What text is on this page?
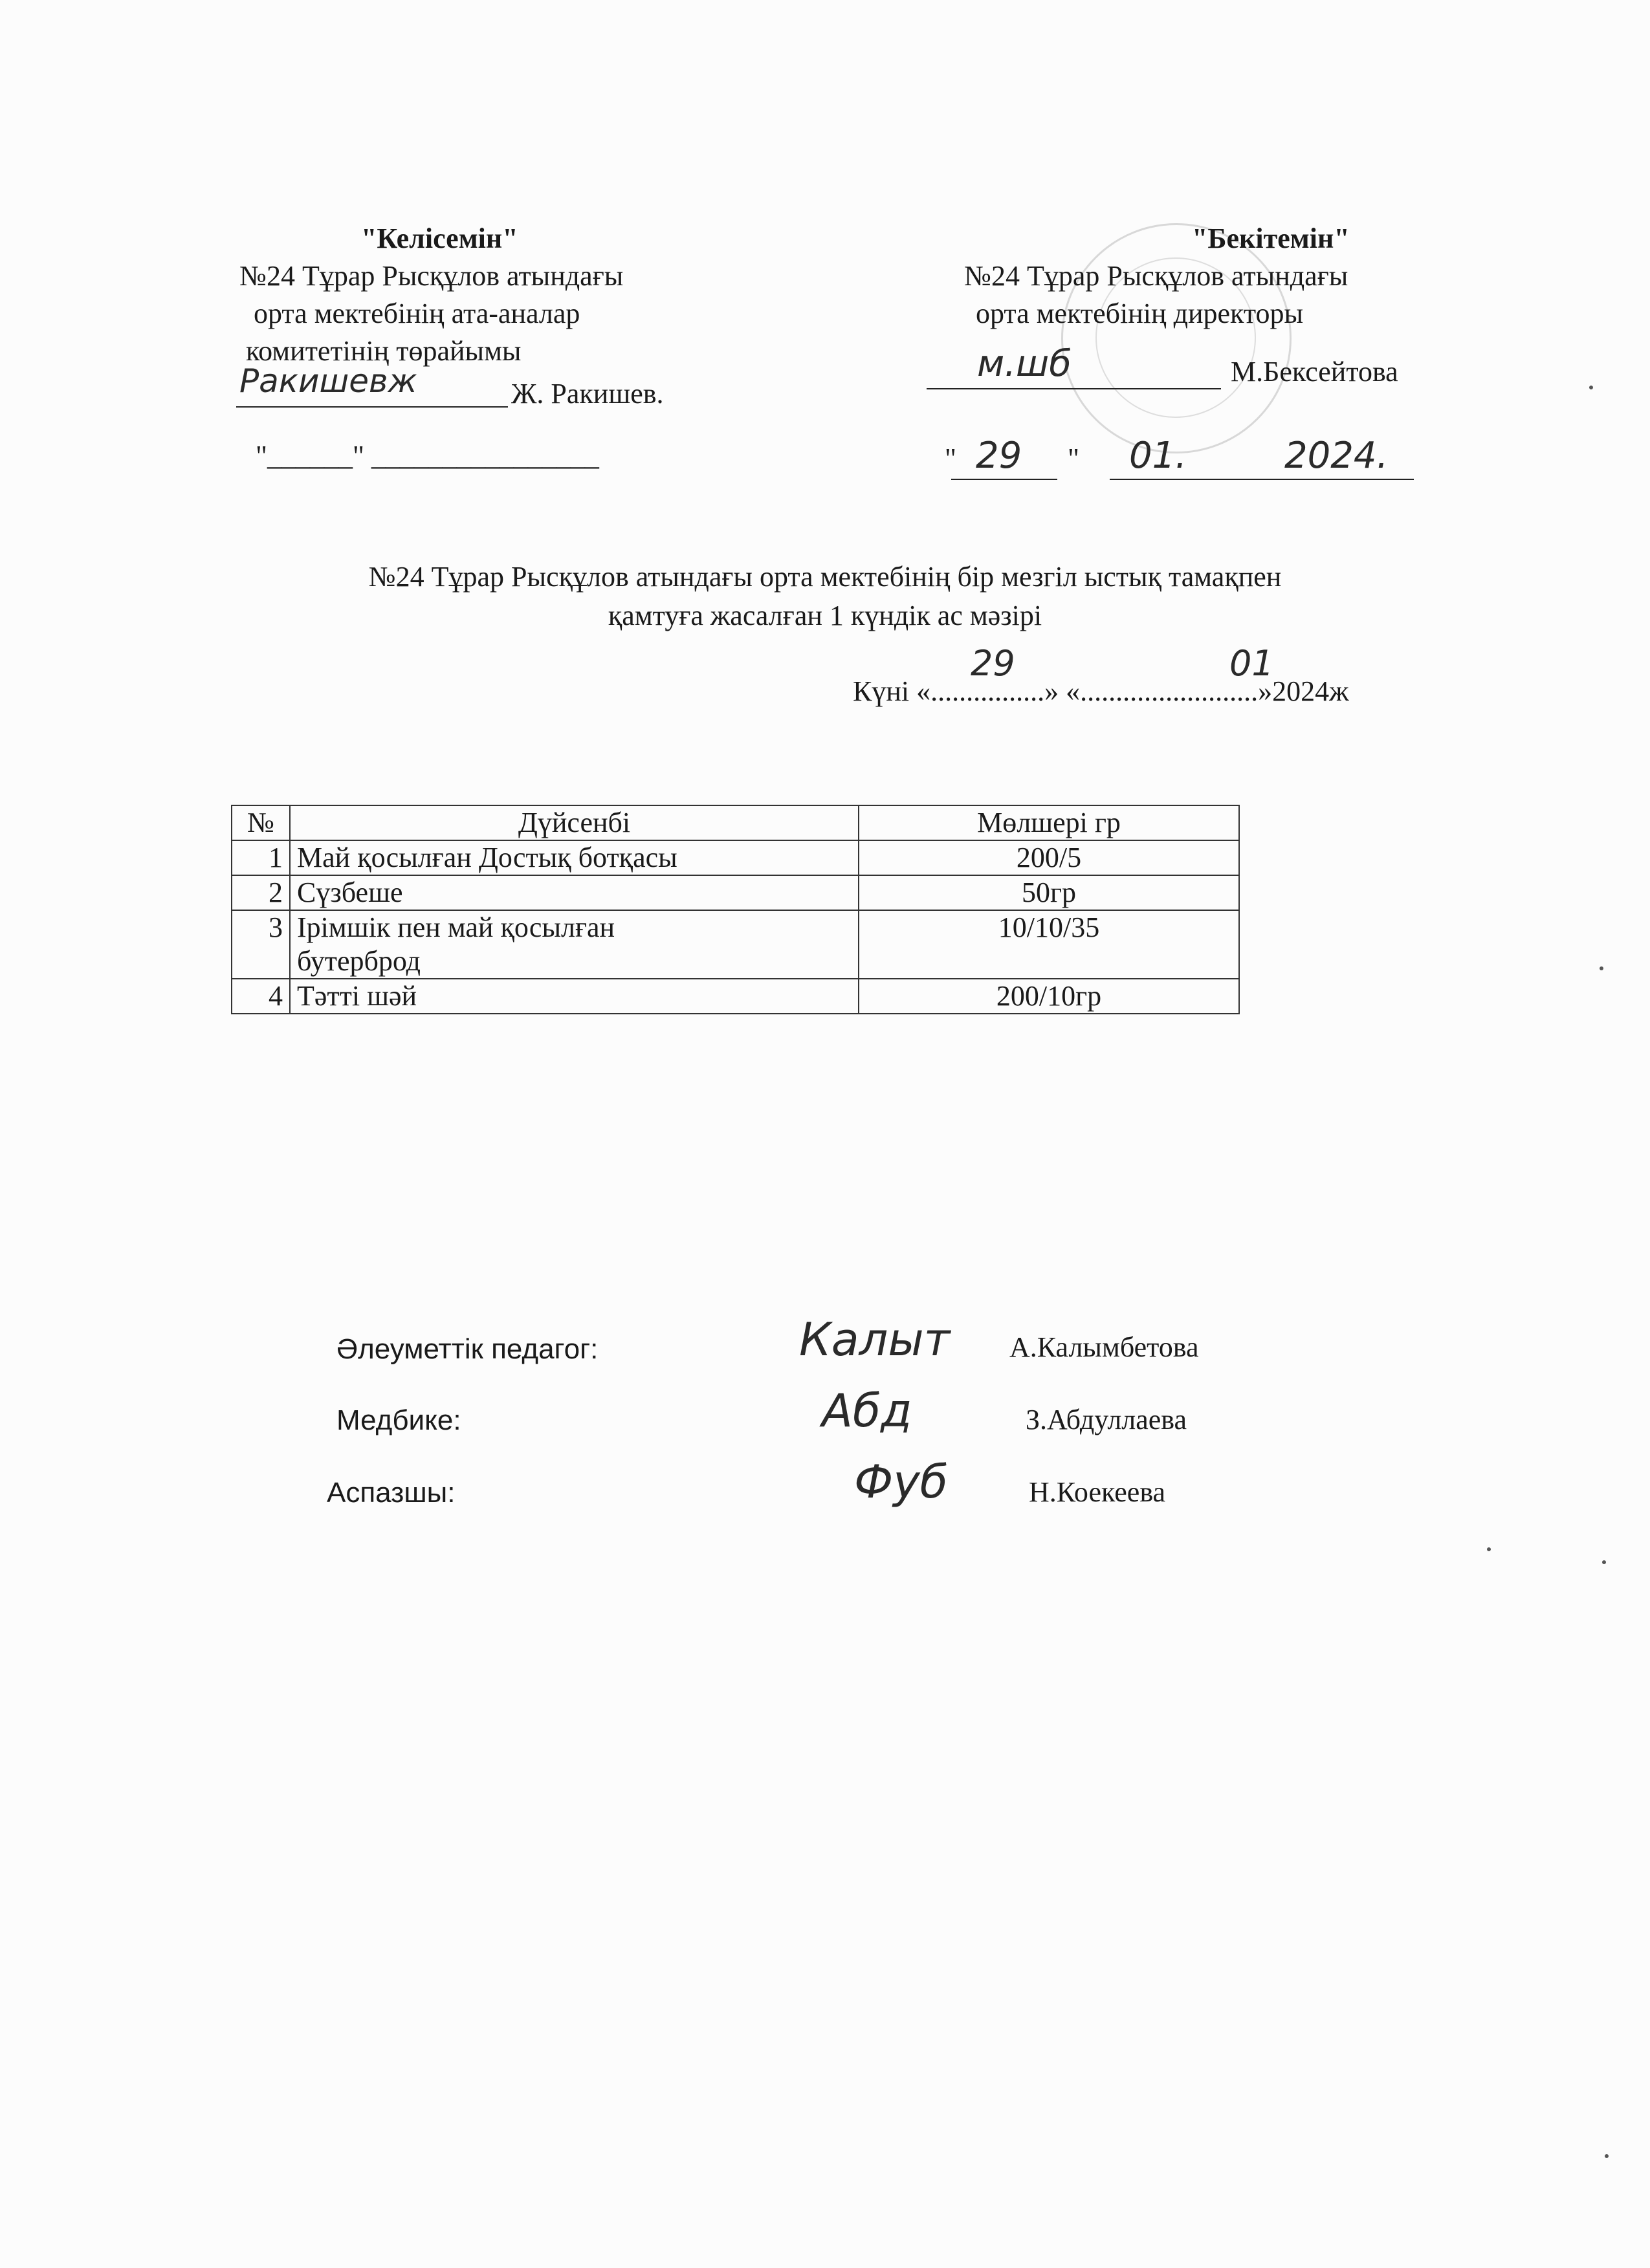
"Келісемін"
№24 Тұрар Рысқұлов атындағы
орта мектебінің ата-аналар
комитетінің төрайымы
Ракишевж	Ж. Ракишев.
"______" ________________
"Бекітемін"
№24 Тұрар Рысқұлов атындағы
орта мектебінің директоры
м.шб	М.Бексейтова
" 29 " 01.	2024.
№24 Тұрар Рысқұлов атындағы орта мектебінің бір мезгіл ыстық тамақпен
қамтуға жасалған 1 күндік ас мәзірі
Күні «................» «.........................»2024ж
29	01
№	Дүйсенбі	Мөлшері гр
1	Май қосылған Достық ботқасы	200/5
2	Сүзбеше	50гр
3	Ірімшік пен май қосылған бутерброд	10/10/35
4	Тәтті шәй	200/10гр
Әлеуметтік педагог:	Калыт А.Калымбетова
Медбике:	Абд	З.Абдуллаева
Аспазшы:	Фуб	Н.Коекеева
